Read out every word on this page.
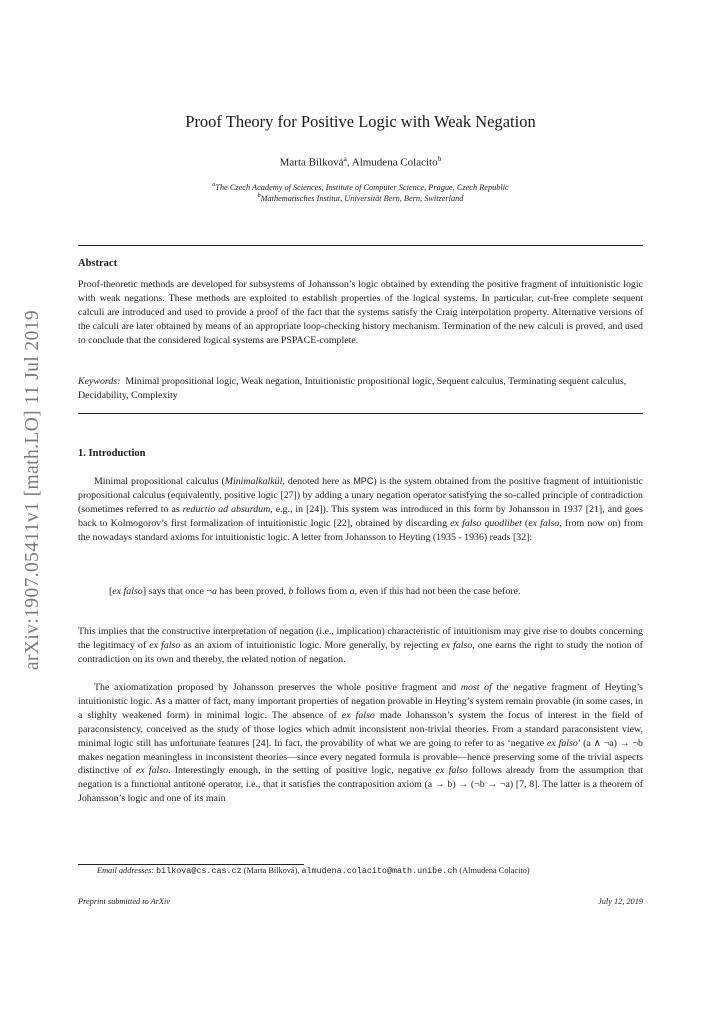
arXiv:1907.05411v1 [math.LO] 11 Jul 2019
Proof Theory for Positive Logic with Weak Negation
Marta Bílková$^a$, Almudena Colacito$^b$
$^a$The Czech Academy of Sciences, Institute of Computer Science, Prague, Czech Republic
$^b$Mathematisches Institut, Universität Bern, Bern, Switzerland
Abstract
Proof-theoretic methods are developed for subsystems of Johansson’s logic obtained by extending the positive fragment of intuitionistic logic with weak negations. These methods are exploited to establish properties of the logical systems. In particular, cut-free complete sequent calculi are introduced and used to provide a proof of the fact that the systems satisfy the Craig interpolation property. Alternative versions of the calculi are later obtained by means of an appropriate loop-checking history mechanism. Termination of the new calculi is proved, and used to conclude that the considered logical systems are PSPACE-complete.
Keywords: Minimal propositional logic, Weak negation, Intuitionistic propositional logic, Sequent calculus, Terminating sequent calculus, Decidability, Complexity
1. Introduction
Minimal propositional calculus (Minimalkalkül, denoted here as MPC) is the system obtained from the positive fragment of intuitionistic propositional calculus (equivalently, positive logic [27]) by adding a unary negation operator satisfying the so-called principle of contradiction (sometimes referred to as reductio ad absurdum, e.g., in [24]). This system was introduced in this form by Johansson in 1937 [21], and goes back to Kolmogorov’s first formalization of intuitionistic logic [22], obtained by discarding ex falso quodlibet (ex falso, from now on) from the nowadays standard axioms for intuitionistic logic. A letter from Johansson to Heyting (1935 - 1936) reads [32]:
[ex falso] says that once ¬a has been proved, b follows from a, even if this had not been the case before.
This implies that the constructive interpretation of negation (i.e., implication) characteristic of intuitionism may give rise to doubts concerning the legitimacy of ex falso as an axiom of intuitionistic logic. More generally, by rejecting ex falso, one earns the right to study the notion of contradiction on its own and thereby, the related notion of negation.
The axiomatization proposed by Johansson preserves the whole positive fragment and most of the negative fragment of Heyting’s intuitionistic logic. As a matter of fact, many important properties of negation provable in Heyting’s system remain provable (in some cases, in a slighlty weakened form) in minimal logic. The absence of ex falso made Johansson’s system the focus of interest in the field of paraconsistency, conceived as the study of those logics which admit inconsistent non-trivial theories. From a standard paraconsistent view, minimal logic still has unfortunate features [24]. In fact, the provability of what we are going to refer to as ‘negative ex falso’ (a ∧ ¬a) → ¬b makes negation meaningless in inconsistent theories—since every negated formula is provable—hence preserving some of the trivial aspects distinctive of ex falso. Interestingly enough, in the setting of positive logic, negative ex falso follows already from the assumption that negation is a functional antitone operator, i.e., that it satisfies the contraposition axiom (a → b) → (¬b → ¬a) [7, 8]. The latter is a theorem of Johansson’s logic and one of its main
Email addresses: bilkova@cs.cas.cz (Marta Bílková), almudena.colacito@math.unibe.ch (Almudena Colacito)
Preprint submitted to ArXiv	July 12, 2019
